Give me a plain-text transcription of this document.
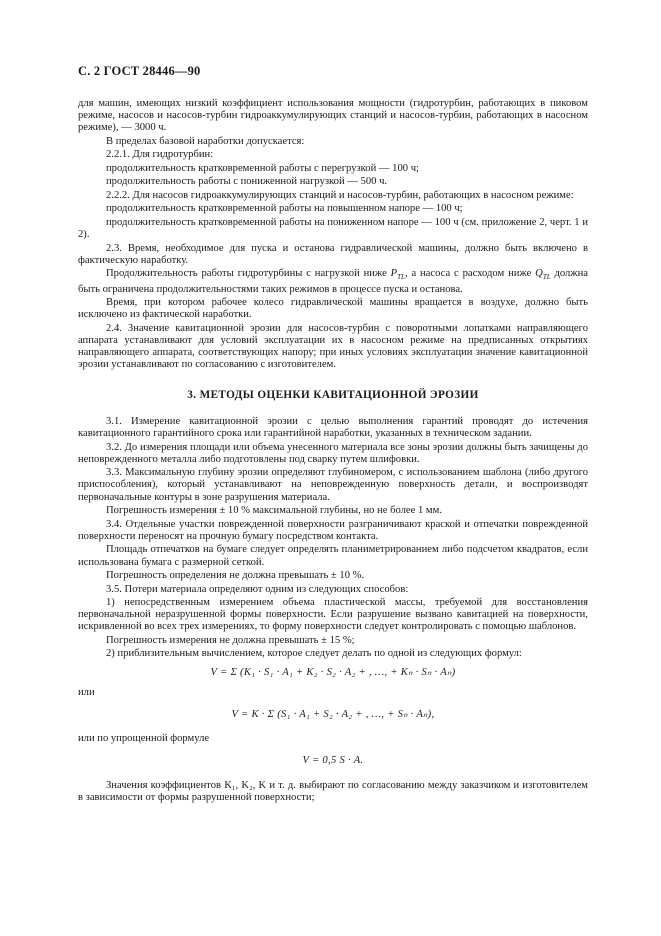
С. 2 ГОСТ 28446—90

для машин, имеющих низкий коэффициент использования мощности (гидротурбин, работающих в пиковом режиме, насосов и насосов-турбин гидроаккумулирующих станций и насосов-турбин, работающих в насосном режиме), — 3000 ч.

В пределах базовой наработки допускается:

2.2.1. Для гидротурбин:

продолжительность кратковременной работы с перегрузкой — 100 ч;

продолжительность работы с пониженной нагрузкой — 500 ч.

2.2.2. Для насосов гидроаккумулирующих станций и насосов-турбин, работающих в насосном режиме:

продолжительность кратковременной работы на повышенном напоре — 100 ч;

продолжительность кратковременной работы на пониженном напоре — 100 ч (см. приложение 2, черт. 1 и 2).

2.3. Время, необходимое для пуска и останова гидравлической машины, должно быть включено в фактическую наработку.

Продолжительность работы гидротурбины с нагрузкой ниже $P_{TL}$, а насоса с расходом ниже $Q_{TL}$ должна быть ограничена продолжительностями таких режимов в процессе пуска и останова.

Время, при котором рабочее колесо гидравлической машины вращается в воздухе, должно быть исключено из фактической наработки.

2.4. Значение кавитационной эрозии для насосов-турбин с поворотными лопатками направляющего аппарата устанавливают для условий эксплуатации их в насосном режиме на предписанных открытиях направляющего аппарата, соответствующих напору; при иных условиях эксплуатации значение кавитационной эрозии устанавливают по согласованию с изготовителем.

3. МЕТОДЫ ОЦЕНКИ КАВИТАЦИОННОЙ ЭРОЗИИ

3.1. Измерение кавитационной эрозии с целью выполнения гарантий проводят до истечения кавитационного гарантийного срока или гарантийной наработки, указанных в техническом задании.

3.2. До измерения площади или объема унесенного материала все зоны эрозии должны быть зачищены до неповрежденного металла либо подготовлены под сварку путем шлифовки.

3.3. Максимальную глубину эрозии определяют глубиномером, с использованием шаблона (либо другого приспособления), который устанавливают на неповрежденную поверхность детали, и воспроизводят первоначальные контуры в зоне разрушения материала.

Погрешность измерения ± 10 % максимальной глубины, но не более 1 мм.

3.4. Отдельные участки поврежденной поверхности разграничивают краской и отпечатки поврежденной поверхности переносят на прочную бумагу посредством контакта.

Площадь отпечатков на бумаге следует определять планиметрированием либо подсчетом квадратов, если использована бумага с размерной сеткой.

Погрешность определения не должна превышать ± 10 %.

3.5. Потери материала определяют одним из следующих способов:

1) непосредственным измерением объема пластической массы, требуемой для восстановления первоначальной неразрушенной формы поверхности. Если разрушение вызвано кавитацией на поверхности, искривленной во всех трех измерениях, то форму поверхности следует контролировать с помощью шаблонов.

Погрешность измерения не должна превышать ± 15 %;

2) приблизительным вычислением, которое следует делать по одной из следующих формул:

V = Σ (K₁ · S₁ · A₁ + K₂ · S₂ · A₂ + , …, + Kₙ · Sₙ · Aₙ)

или

V = K · Σ (S₁ · A₁ + S₂ · A₂ + , …, + Sₙ · Aₙ),

или по упрощенной формуле

V = 0,5 S · A.

Значения коэффициентов K₁, K₂, K и т. д. выбирают по согласованию между заказчиком и изготовителем в зависимости от формы разрушенной поверхности;
